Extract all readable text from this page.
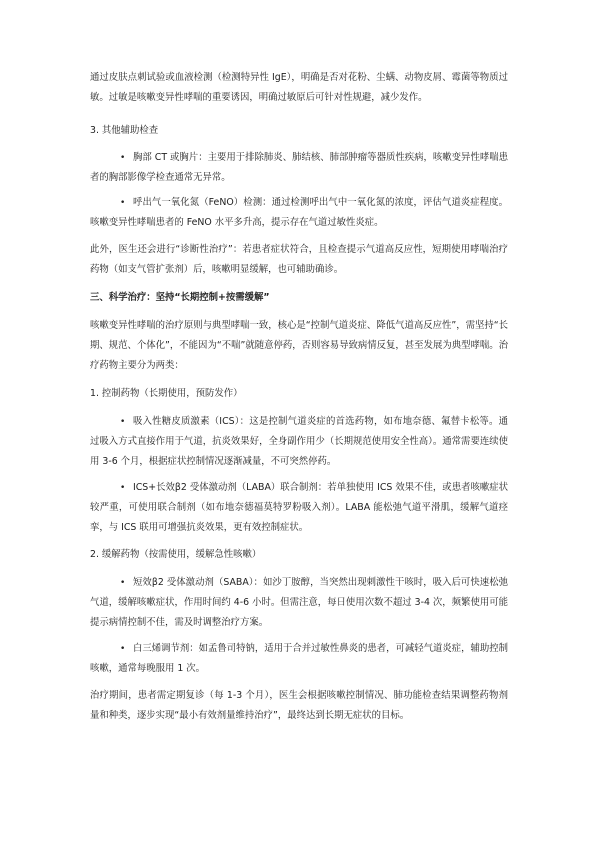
通过皮肤点刺试验或血液检测（检测特异性 IgE），明确是否对花粉、尘螨、动物皮屑、霉菌等物质过敏。过敏是咳嗽变异性哮喘的重要诱因，明确过敏原后可针对性规避，减少发作。

3. 其他辅助检查

• 胸部 CT 或胸片：主要用于排除肺炎、肺结核、肺部肿瘤等器质性疾病，咳嗽变异性哮喘患者的胸部影像学检查通常无异常。

• 呼出气一氧化氮（FeNO）检测：通过检测呼出气中一氧化氮的浓度，评估气道炎症程度。咳嗽变异性哮喘患者的 FeNO 水平多升高，提示存在气道过敏性炎症。

此外，医生还会进行“诊断性治疗”：若患者症状符合，且检查提示气道高反应性，短期使用哮喘治疗药物（如支气管扩张剂）后，咳嗽明显缓解，也可辅助确诊。

三、科学治疗：坚持“长期控制+按需缓解”

咳嗽变异性哮喘的治疗原则与典型哮喘一致，核心是“控制气道炎症、降低气道高反应性”，需坚持“长期、规范、个体化”，不能因为“不喘”就随意停药，否则容易导致病情反复，甚至发展为典型哮喘。治疗药物主要分为两类：

1. 控制药物（长期使用，预防发作）

• 吸入性糖皮质激素（ICS）：这是控制气道炎症的首选药物，如布地奈德、氟替卡松等。通过吸入方式直接作用于气道，抗炎效果好，全身副作用少（长期规范使用安全性高）。通常需要连续使用 3-6 个月，根据症状控制情况逐渐减量，不可突然停药。

• ICS+长效β2 受体激动剂（LABA）联合制剂：若单独使用 ICS 效果不佳，或患者咳嗽症状较严重，可使用联合制剂（如布地奈德福莫特罗粉吸入剂）。LABA 能松弛气道平滑肌，缓解气道痉挛，与 ICS 联用可增强抗炎效果，更有效控制症状。

2. 缓解药物（按需使用，缓解急性咳嗽）

• 短效β2 受体激动剂（SABA）：如沙丁胺醇，当突然出现刺激性干咳时，吸入后可快速松弛气道，缓解咳嗽症状，作用时间约 4-6 小时。但需注意，每日使用次数不超过 3-4 次，频繁使用可能提示病情控制不佳，需及时调整治疗方案。

• 白三烯调节剂：如孟鲁司特钠，适用于合并过敏性鼻炎的患者，可减轻气道炎症，辅助控制咳嗽，通常每晚服用 1 次。

治疗期间，患者需定期复诊（每 1-3 个月），医生会根据咳嗽控制情况、肺功能检查结果调整药物剂量和种类，逐步实现“最小有效剂量维持治疗”，最终达到长期无症状的目标。
